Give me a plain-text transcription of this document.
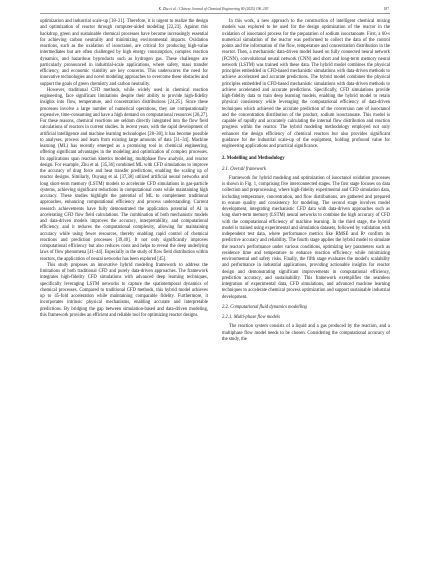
K. Zhu et al. / Chinese Journal of Chemical Engineering 80 (2025) 196–183	187

optimization and industrial scale-up [18–21]. Therefore, it is urgent to realize the design and optimization of reactor through computer-aided modeling [22,23]. Against this backdrop, green and sustainable chemical processes have become increasingly essential for achieving carbon neutrality and minimizing environmental impacts. Oxidation reactions, such as the oxidation of isooctanol, are critical for producing high-value intermediates but are often challenged by high energy consumption, complex reaction dynamics, and hazardous byproducts such as hydrogen gas. These challenges are particularly pronounced in industrial-scale applications, where safety, mass transfer efficiency, and economic viability are key concerns. This underscores the need for innovative technologies and novel modeling approaches to overcome these obstacles and support the goals of green chemistry and carbon neutrality.

However, traditional CFD methods, while widely used in chemical reaction engineering, face significant limitations despite their ability to provide high-fidelity insights into flow, temperature, and concentration distributions [24,25]. Since these processes involve a large number of numerical operations, they are computationally expensive, time-consuming and have a high demand on computational resources [26,27]. For these reasons, chemical reactions are seldom directly integrated into the flow field calculations of reactors in current studies. In recent years, with the rapid development of artificial intelligence and machine learning technologies [28–30], it has become possible to analyses, process and learn from existing large amounts of data [31–34]. Machine learning (ML) has recently emerged as a promising tool in chemical engineering, offering significant advantages in the modeling and optimization of complex processes. Its applications span reaction kinetics modeling, multiphase flow analysis, and reactor design. For example, Zhu et al. [35,36] combined ML with CFD simulations to improve the accuracy of drag force and heat transfer predictions, enabling the scaling up of reactor designs. Similarly, Ouyang et al. [37,38] utilized artificial neural networks and long short-term memory (LSTM) models to accelerate CFD simulations in gas-particle systems, achieving significant reductions in computational costs while maintaining high accuracy. These studies highlight the potential of ML to complement traditional approaches, enhancing computational efficiency and process understanding. Current research achievements have fully demonstrated the application potential of AI in accelerating CFD flow field calculations. The combination of both mechanistic models and data-driven models improves the accuracy, interpretability, and computational efficiency, and it reduces the computational complexity, allowing for maintaining accuracy while using fewer resources, thereby enabling rapid control of chemical reactions and prediction processes [39,40]. It not only significantly improves computational efficiency but also reduces costs and helps to reveal the deep underlying laws of flow phenomena [41–44]. Especially in the study of flow field distribution within reactors, the application of neural networks has been explored [45].

This study proposes an innovative hybrid modeling framework to address the limitations of both traditional CFD and purely data-driven approaches. The framework integrates high-fidelity CFD simulations with advanced deep learning techniques, specifically leveraging LSTM networks to capture the spatiotemporal dynamics of chemical processes. Compared to traditional CFD methods, this hybrid model achieves up to 45-fold acceleration while maintaining comparable fidelity. Furthermore, it incorporates intrinsic physical mechanisms, enabling accurate and interpretable predictions. By bridging the gap between simulation-based and data-driven modeling, this framework provides an efficient and reliable tool for optimizing reactor designs.

In this work, a new approach to the construction of intelligent chemical mixing models was explored to be used for the design optimization of the reactor in the oxidation of isooctanol process for the preparation of sodium isooctanoate. First, a 60-s numerical simulation of the reactor was performed to collect the data of the control points and the information of the flow, temperature and concentration distribution in the reactor. Then, a mechanistic data-driven model based on fully connected neural network (FCNN), convolutional neural network (CNN) and short and long-term memory neural network (LSTM) was trained with these data. The hybrid model combines the physical principles embedded in CFD-based mechanistic simulations with data-driven methods to achieve accelerated and accurate predictions. The hybrid model combines the physical principles embedded in CFD-based mechanistic simulations with data-driven methods to achieve accelerated and accurate predictions. Specifically, CFD simulations provide high-fidelity data to train deep learning models, enabling the hybrid model to retain physical consistency while leveraging the computational efficiency of data-driven techniques which achieved the accurate prediction of the conversion rate of isooctanol and the concentration distribution of the product, sodium isooctanoate. This model is capable of rapidly and accurately calculating the internal flow distribution and reaction progress within the reactor. The hybrid modeling methodology employed not only enhances the design efficiency of chemical reactors but also provides significant guidance for the industrial scale-up of the equipment, holding profound value for engineering applications and practical significance.

2. Modelling and Methodology
2.1. Overall framework

Framework for hybrid modeling and optimization of isooctanol oxidation processes is shown in Fig. 1, comprising five interconnected stages. The first stage focuses on data collection and preprocessing, where high-fidelity experimental and CFD simulation data, including temperature, concentration, and flow distributions, are gathered and prepared to ensure quality and consistency for modeling. The second stage involves model development, integrating mechanistic CFD data with data-driven approaches such as long short-term memory (LSTM) neural networks to combine the high accuracy of CFD with the computational efficiency of machine learning. In the third stage, the hybrid model is trained using experimental and simulation datasets, followed by validation with independent test data, where performance metrics like RMSE and R² confirm its predictive accuracy and reliability. The fourth stage applies the hybrid model to simulate the reactor's performance under various conditions, optimizing key parameters such as residence time and temperature to enhance reaction efficiency while minimizing environmental and safety risks. Finally, the fifth stage evaluates the model's scalability and performance in industrial applications, providing actionable insights for reactor design and demonstrating significant improvements in computational efficiency, prediction accuracy, and sustainability. This framework exemplifies the seamless integration of experimental data, CFD simulations, and advanced machine learning techniques to accelerate chemical process optimization and support sustainable industrial development.

2.2. Computational fluid dynamics modelling
2.2.1. Multi-phase flow models

The reaction system consists of a liquid and a gas produced by the reaction, and a multiphase flow model needs to be chosen. Considering the computational accuracy of the study, the
